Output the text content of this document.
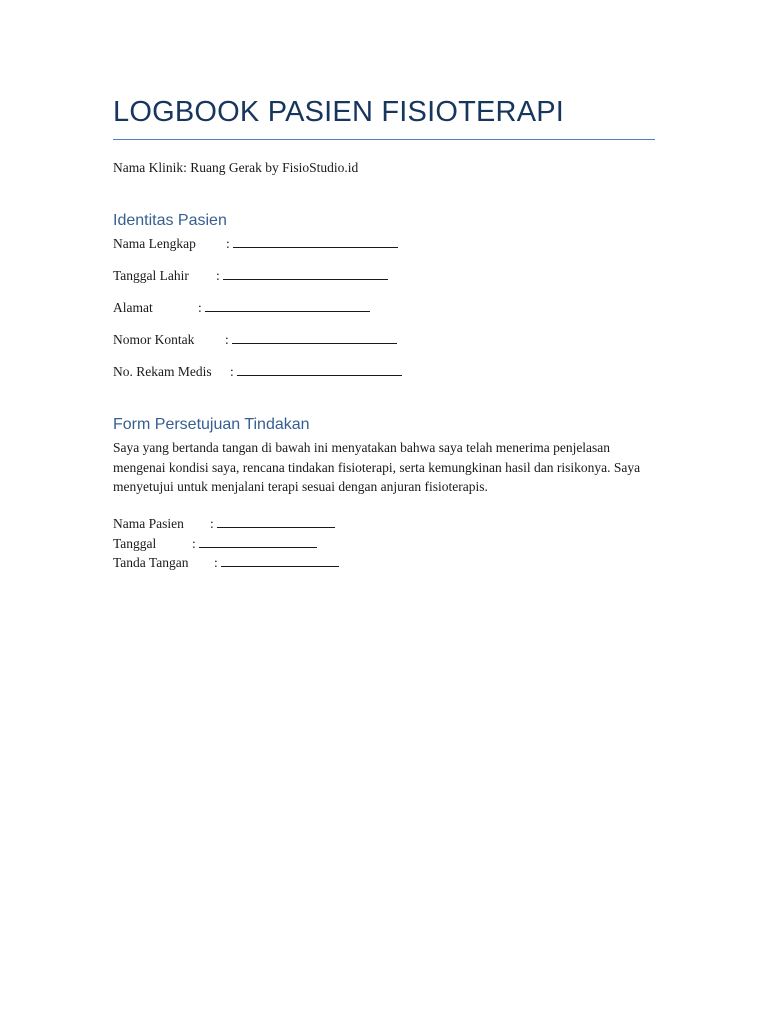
LOGBOOK PASIEN FISIOTERAPI
Nama Klinik: Ruang Gerak by FisioStudio.id
Identitas Pasien
Nama Lengkap :
Tanggal Lahir :
Alamat	:
Nomor Kontak :
No. Rekam Medis :
Form Persetujuan Tindakan

Saya yang bertanda tangan di bawah ini menyatakan bahwa saya telah menerima penjelasan mengenai kondisi saya, rencana tindakan fisioterapi, serta kemungkinan hasil dan risikonya. Saya menyetujui untuk menjalani terapi sesuai dengan anjuran fisioterapis.

Nama Pasien :
Tanggal	:
Tanda Tangan :
